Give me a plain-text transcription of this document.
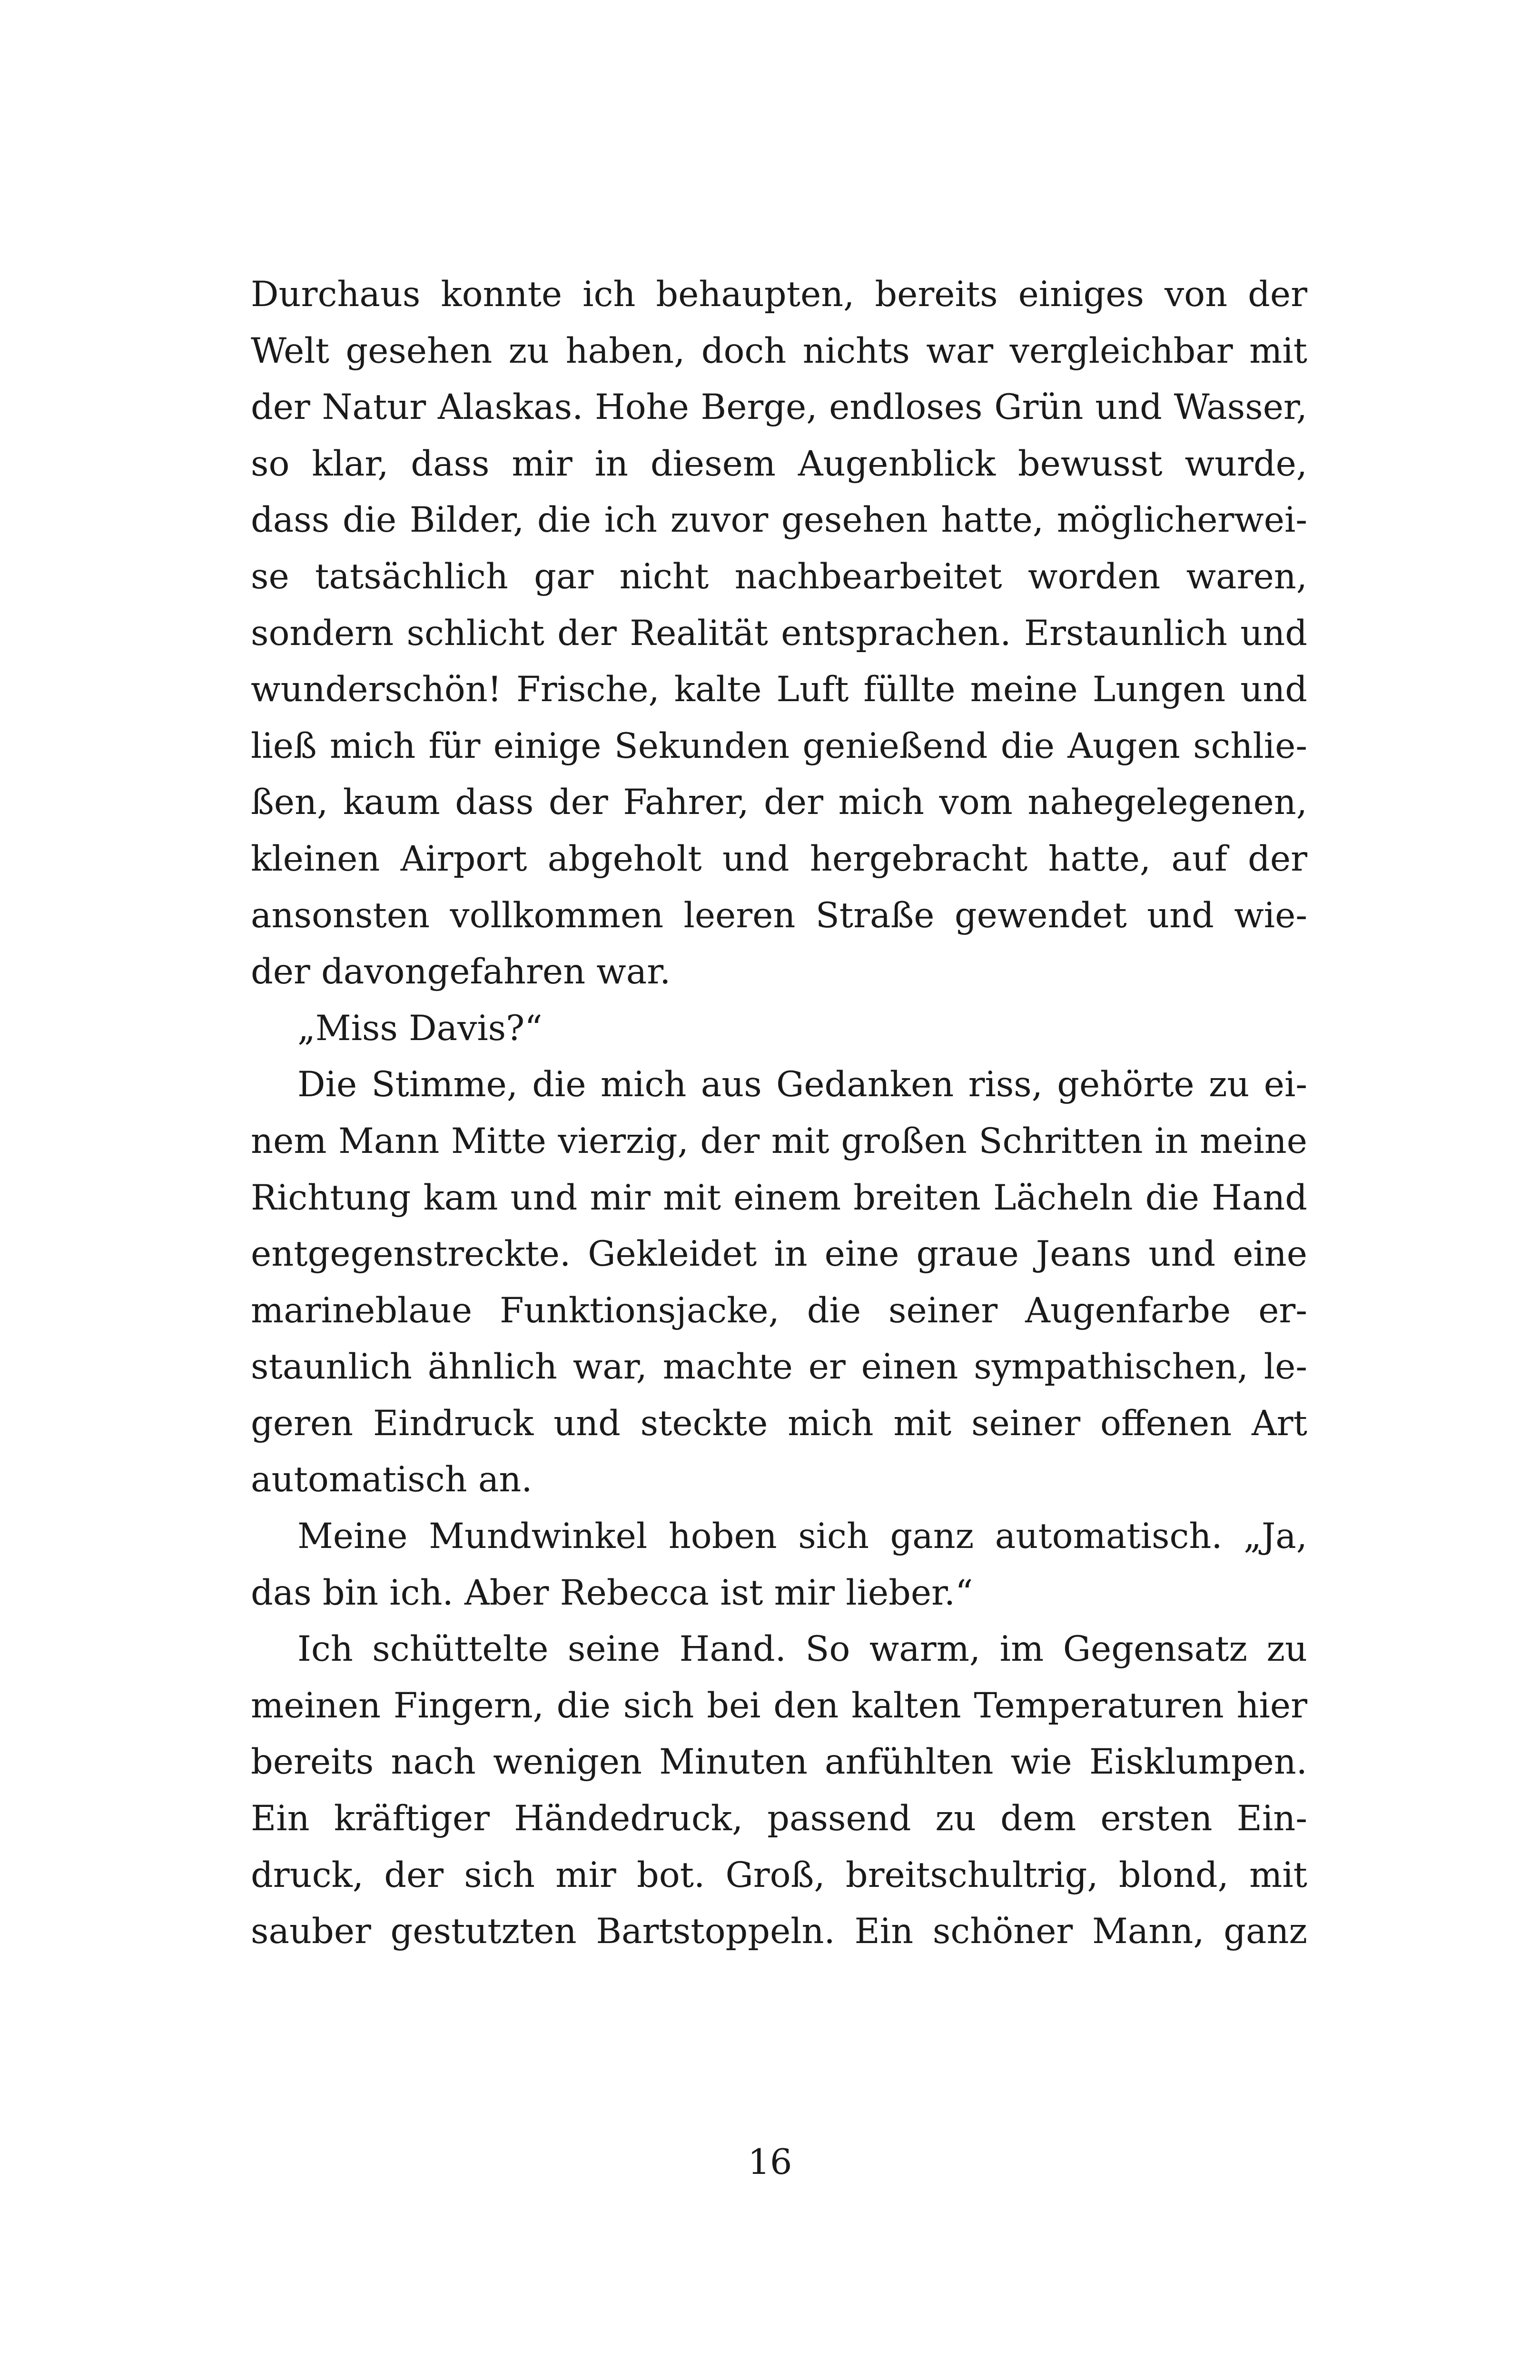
Durchaus konnte ich behaupten, bereits einiges von der
Welt gesehen zu haben, doch nichts war vergleichbar mit
der Natur Alaskas. Hohe Berge, endloses Grün und Wasser,
so klar, dass mir in diesem Augenblick bewusst wurde,
dass die Bilder, die ich zuvor gesehen hatte, möglicherwei-
se tatsächlich gar nicht nachbearbeitet worden waren,
sondern schlicht der Realität entsprachen. Erstaunlich und
wunderschön! Frische, kalte Luft füllte meine Lungen und
ließ mich für einige Sekunden genießend die Augen schlie-
ßen, kaum dass der Fahrer, der mich vom nahegelegenen,
kleinen Airport abgeholt und hergebracht hatte, auf der
ansonsten vollkommen leeren Straße gewendet und wie-
der davongefahren war.
„Miss Davis?“
Die Stimme, die mich aus Gedanken riss, gehörte zu ei-
nem Mann Mitte vierzig, der mit großen Schritten in meine
Richtung kam und mir mit einem breiten Lächeln die Hand
entgegenstreckte. Gekleidet in eine graue Jeans und eine
marineblaue Funktionsjacke, die seiner Augenfarbe er-
staunlich ähnlich war, machte er einen sympathischen, le-
geren Eindruck und steckte mich mit seiner offenen Art
automatisch an.
Meine Mundwinkel hoben sich ganz automatisch. „Ja,
das bin ich. Aber Rebecca ist mir lieber.“
Ich schüttelte seine Hand. So warm, im Gegensatz zu
meinen Fingern, die sich bei den kalten Temperaturen hier
bereits nach wenigen Minuten anfühlten wie Eisklumpen.
Ein kräftiger Händedruck, passend zu dem ersten Ein-
druck, der sich mir bot. Groß, breitschultrig, blond, mit
sauber gestutzten Bartstoppeln. Ein schöner Mann, ganz
16
